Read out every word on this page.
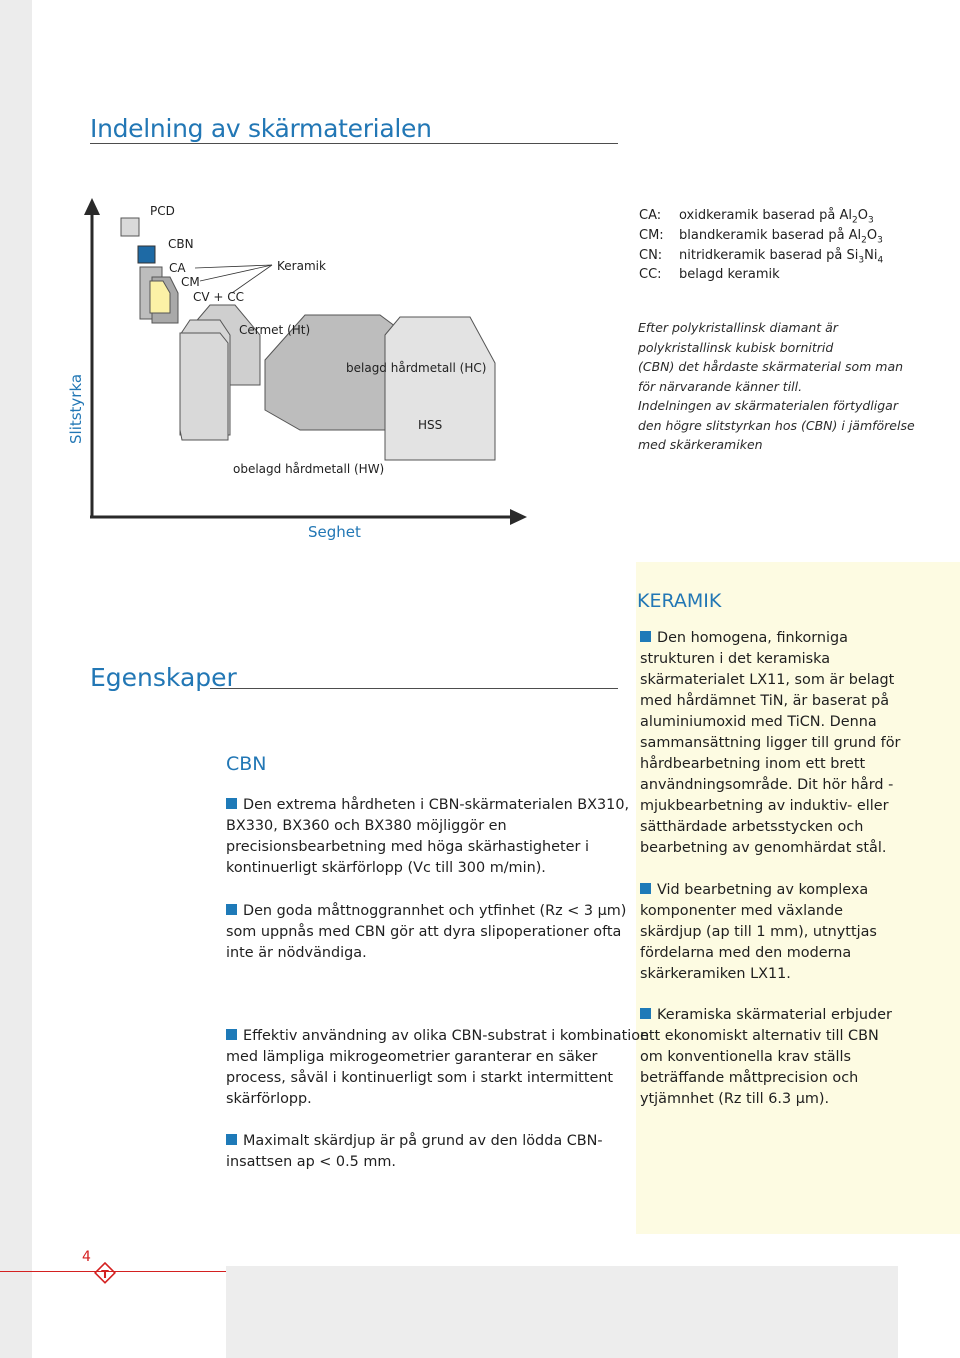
Indelning av skärmaterialen
PCD
CBN
CA
CM
CV + CC
Keramik
Cermet (Ht)
belagd hårdmetall (HC)
HSS
obelagd hårdmetall (HW)
Slitstyrka
Seghet
CA: oxidkeramik baserad på $Al_2O_3$
CM: blandkeramik baserad på $Al_2O_3$
CN: nitridkeramik baserad på $Si_3Ni_4$
CC: belagd keramik
Efter polykristallinsk diamant är
polykristallinsk kubisk bornitrid
(CBN) det hårdaste skärmaterial som man
för närvarande känner till.
Indelningen av skärmaterialen förtydligar
den högre slitstyrkan hos (CBN) i jämförelse
med skärkeramiken
KERAMIK
Den homogena, finkorniga
strukturen i det keramiska
skärmaterialet LX11, som är belagt
med hårdämnet TiN, är baserat på
aluminiumoxid med TiCN. Denna
sammansättning ligger till grund för
hårdbearbetning inom ett brett
användningsområde. Dit hör hård -
mjukbearbetning av induktiv- eller
sätthärdade arbetsstycken och
bearbetning av genomhärdat stål.
Vid bearbetning av komplexa
komponenter med växlande
skärdjup (ap till 1 mm), utnyttjas
fördelarna med den moderna
skärkeramiken LX11.
Keramiska skärmaterial erbjuder
ett ekonomiskt alternativ till CBN
om konventionella krav ställs
beträffande måttprecision och
ytjämnhet (Rz till 6.3 μm).
Egenskaper
CBN
Den extrema hårdheten i CBN-skärmaterialen BX310,
BX330, BX360 och BX380 möjliggör en
precisionsbearbetning med höga skärhastigheter i
kontinuerligt skärförlopp (Vc till 300 m/min).
Den goda måttnoggrannhet och ytfinhet (Rz < 3 μm)
som uppnås med CBN gör att dyra slipoperationer ofta
inte är nödvändiga.
Effektiv användning av olika CBN-substrat i kombination
med lämpliga mikrogeometrier garanterar en säker
process, såväl i kontinuerligt som i starkt intermittent
skärförlopp.
Maximalt skärdjup är på grund av den lödda CBN-
insattsen ap < 0.5 mm.
4
T
